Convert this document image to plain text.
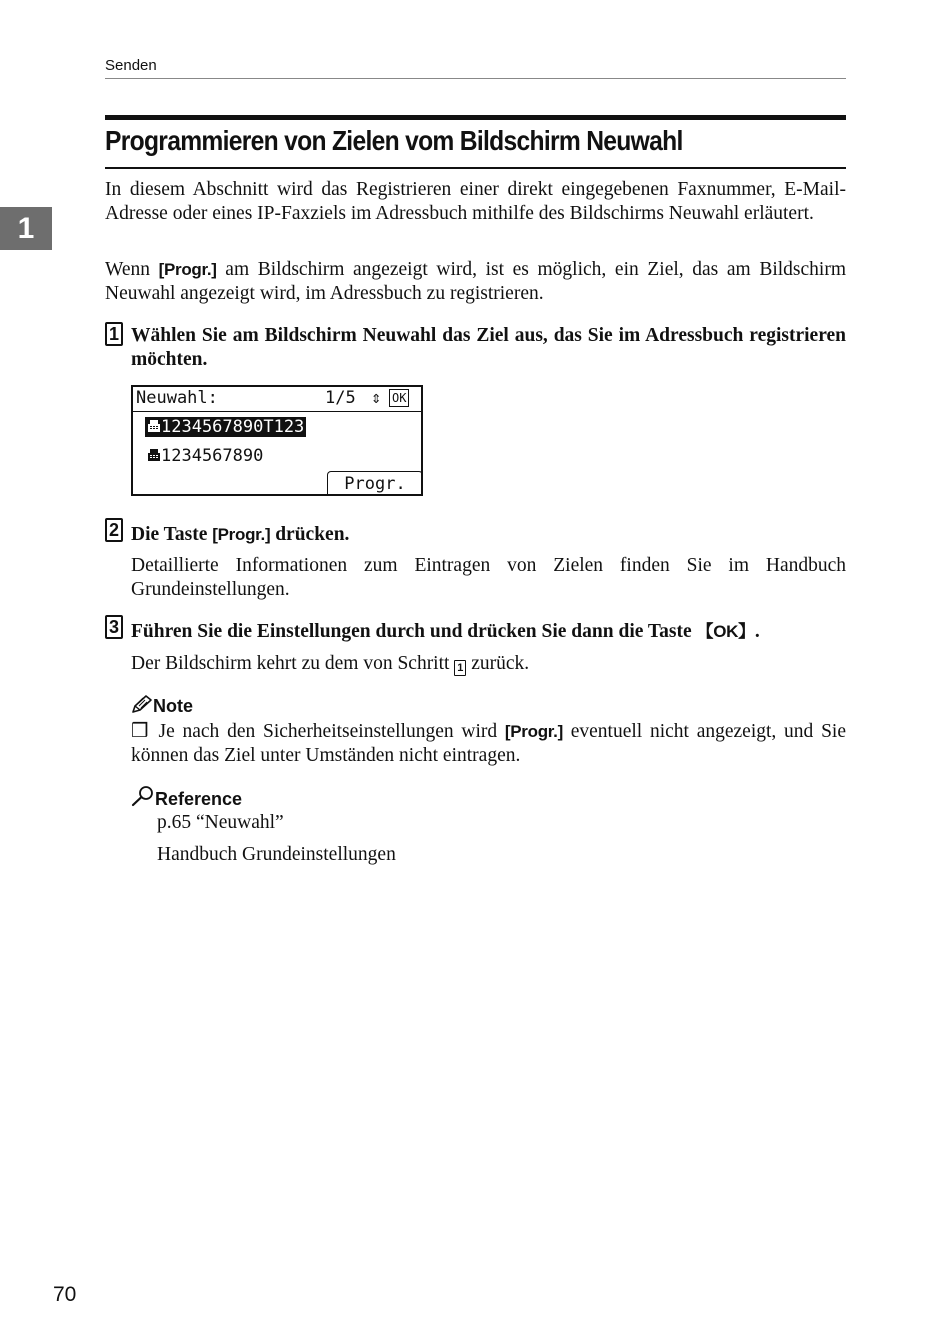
Senden
1
Programmieren von Zielen vom Bildschirm Neuwahl
In diesem Abschnitt wird das Registrieren einer direkt eingegebenen Faxnummer, E-Mail-Adresse oder eines IP-Faxziels im Adressbuch mithilfe des Bildschirms Neuwahl erläutert.
Wenn [Progr.] am Bildschirm angezeigt wird, ist es möglich, ein Ziel, das am Bildschirm Neuwahl angezeigt wird, im Adressbuch zu registrieren.
1 Wählen Sie am Bildschirm Neuwahl das Ziel aus, das Sie im Adressbuch registrieren möchten.
Neuwahl:	1/5 ⇕ OK
1234567890T123
1234567890
Progr.
2 Die Taste [Progr.] drücken.
Detaillierte Informationen zum Eintragen von Zielen finden Sie im Handbuch Grundeinstellungen.
3 Führen Sie die Einstellungen durch und drücken Sie dann die Taste 【OK】.
Der Bildschirm kehrt zu dem von Schritt 1 zurück.
Note
❒ Je nach den Sicherheitseinstellungen wird [Progr.] eventuell nicht angezeigt, und Sie können das Ziel unter Umständen nicht eintragen.
Reference
p.65 “Neuwahl”
Handbuch Grundeinstellungen
70
